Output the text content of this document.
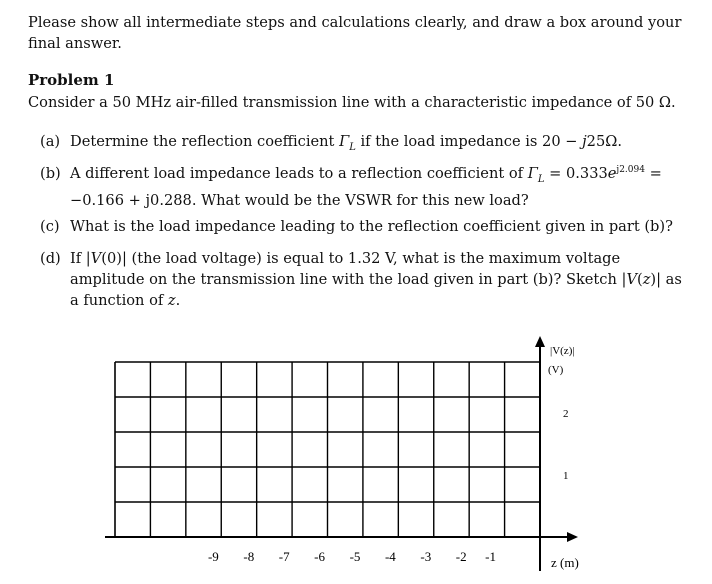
Please show all intermediate steps and calculations clearly, and draw a box around your final answer.
Problem 1
Consider a 50 MHz air-filled transmission line with a characteristic impedance of 50 Ω.
(a) Determine the reflection coefficient $\Gamma_L$ if the load impedance is 20 − j25Ω.
(b) A different load impedance leads to a reflection coefficient of $\Gamma_L = 0.333e^{j2.094}$ =
−0.166 + j0.288. What would be the VSWR for this new load?
(c) What is the load impedance leading to the reflection coefficient given in part (b)?
(d) If |V(0)| (the load voltage) is equal to 1.32 V, what is the maximum voltage amplitude on the transmission line with the load given in part (b)? Sketch |V(z)| as a function of z.
|V(z)|
(V)
z (m)
-9 -8 -7 -6 -5 -4 -3 -2 -1
1
2
